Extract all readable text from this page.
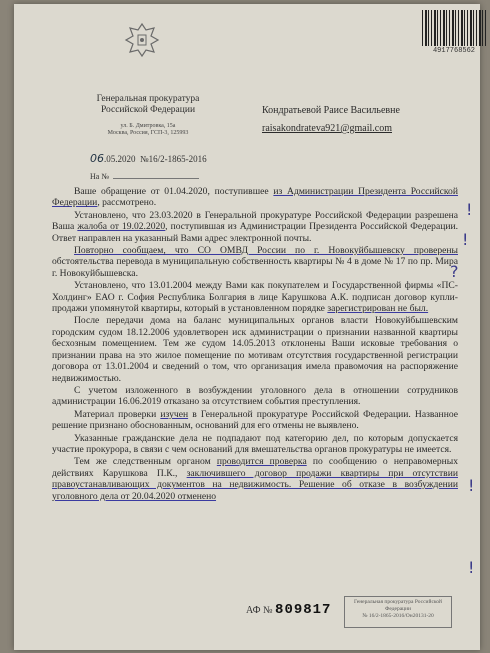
4917768562
Генеральная прокуратура
Российской Федерации
ул. Б. Дмитровка, 15а
Москва, Россия, ГСП-3, 125993
06.05.2020 №16/2-1865-2016
На №
Кондратьевой Раисе Васильевне
raisakondrateva921@gmail.com

Ваше обращение от 01.04.2020, поступившее из Администрации Президента Российской Федерации, рассмотрено.

Установлено, что 23.03.2020 в Генеральной прокуратуре Российской Федерации разрешена Ваша жалоба от 19.02.2020, поступившая из Администрации Президента Российской Федерации. Ответ направлен на указанный Вами адрес электронной почты.

Повторно сообщаем, что СО ОМВД России по г. Новокуйбышевску проверены обстоятельства перевода в муниципальную собственность квартиры № 4 в доме № 17 по пр. Мира г. Новокуйбышевска.

Установлено, что 13.01.2004 между Вами как покупателем и Государственной фирмы «ПС-Холдинг» ЕАО г. София Республика Болгария в лице Карушкова А.К. подписан договор купли-продажи упомянутой квартиры, который в установленном порядке зарегистрирован не был.

После передачи дома на баланс муниципальных органов власти Новокуйбышевским городским судом 18.12.2006 удовлетворен иск администрации о признании названной квартиры бесхозным помещением. Тем же судом 14.05.2013 отклонены Ваши исковые требования о признании права на это жилое помещение по мотивам отсутствия государственной регистрации договора от 13.01.2004 и сведений о том, что организация имела правомочия на распоряжение недвижимостью.

С учетом изложенного в возбуждении уголовного дела в отношении сотрудников администрации 16.06.2019 отказано за отсутствием события преступления.

Материал проверки изучен в Генеральной прокуратуре Российской Федерации. Названное решение признано обоснованным, оснований для его отмены не выявлено.

Указанные гражданские дела не подпадают под категорию дел, по которым допускается участие прокурора, в связи с чем оснований для вмешательства органов прокуратуры не имеется.

Тем же следственным органом проводится проверка по сообщению о неправомерных действиях Карушкова П.К., заключившего договор продажи квартиры при отсутствии правоустанавливающих документов на недвижимость. Решение об отказе в возбуждении уголовного дела от 20.04.2020 отменено

!
!
?
!
!
АФ № 809817	Генеральная прокуратура Российской
Федерации
№ 16/2-1865-2016/Он20131-20
